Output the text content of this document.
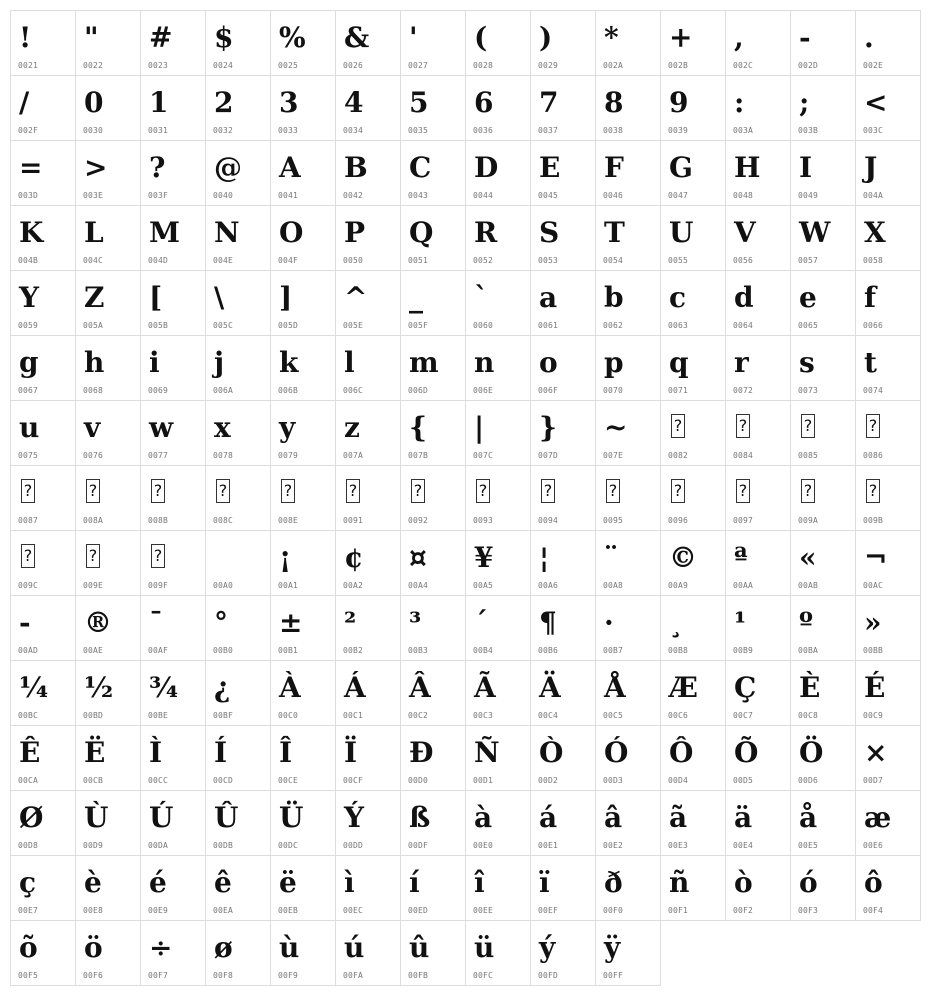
!
0021
"
0022
#
0023
$
0024
%
0025
&
0026
'
0027
(
0028
)
0029
*
002A
+
002B
,
002C
-
002D
.
002E
/
002F
0
0030
1
0031
2
0032
3
0033
4
0034
5
0035
6
0036
7
0037
8
0038
9
0039
:
003A
;
003B
<
003C
=
003D
>
003E
?
003F
@
0040
A
0041
B
0042
C
0043
D
0044
E
0045
F
0046
G
0047
H
0048
I
0049
J
004A
K
004B
L
004C
M
004D
N
004E
O
004F
P
0050
Q
0051
R
0052
S
0053
T
0054
U
0055
V
0056
W
0057
X
0058
Y
0059
Z
005A
[
005B
\
005C
]
005D
^
005E
_
005F
`
0060
a
0061
b
0062
c
0063
d
0064
e
0065
f
0066
g
0067
h
0068
i
0069
j
006A
k
006B
l
006C
m
006D
n
006E
o
006F
p
0070
q
0071
r
0072
s
0073
t
0074
u
0075
v
0076
w
0077
x
0078
y
0079
z
007A
{
007B
|
007C
}
007D
~
007E
?
0082
?
0084
?
0085
?
0086
?
0087
?
008A
?
008B
?
008C
?
008E
?
0091
?
0092
?
0093
?
0094
?
0095
?
0096
?
0097
?
009A
?
009B
?
009C
?
009E
?
009F	00A0
¡
00A1
¢
00A2
¤
00A4
¥
00A5
¦
00A6
¨
00A8
©
00A9
ª
00AA
«
00AB
¬
00AC
-
00AD
®
00AE
¯
00AF
°
00B0
±
00B1
²
00B2
³
00B3
´
00B4
¶
00B6
·
00B7
¸
00B8
¹
00B9
º
00BA
»
00BB
¼
00BC
½
00BD
¾
00BE
¿
00BF
À
00C0
Á
00C1
Â
00C2
Ã
00C3
Ä
00C4
Å
00C5
Æ
00C6
Ç
00C7
È
00C8
É
00C9
Ê
00CA
Ë
00CB
Ì
00CC
Í
00CD
Î
00CE
Ï
00CF
Ð
00D0
Ñ
00D1
Ò
00D2
Ó
00D3
Ô
00D4
Õ
00D5
Ö
00D6
×
00D7
Ø
00D8
Ù
00D9
Ú
00DA
Û
00DB
Ü
00DC
Ý
00DD
ß
00DF
à
00E0
á
00E1
â
00E2
ã
00E3
ä
00E4
å
00E5
æ
00E6
ç
00E7
è
00E8
é
00E9
ê
00EA
ë
00EB
ì
00EC
í
00ED
î
00EE
ï
00EF
ð
00F0
ñ
00F1
ò
00F2
ó
00F3
ô
00F4
õ
00F5
ö
00F6
÷
00F7
ø
00F8
ù
00F9
ú
00FA
û
00FB
ü
00FC
ý
00FD
ÿ
00FF
